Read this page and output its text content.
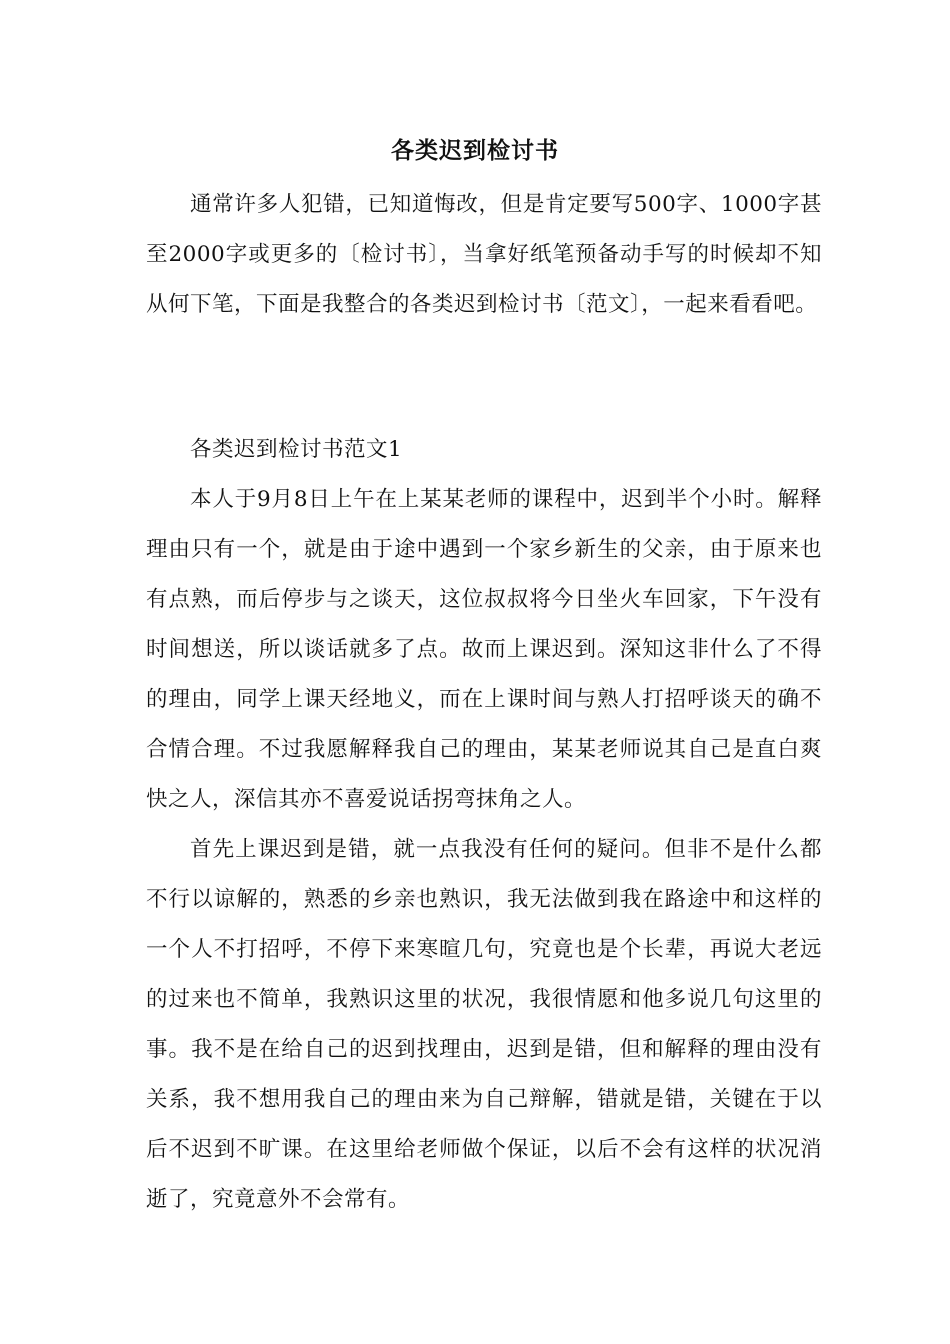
各类迟到检讨书

通常许多人犯错，已知道悔改，但是肯定要写500字、1000字甚至2000字或更多的〔检讨书〕，当拿好纸笔预备动手写的时候却不知从何下笔，下面是我整合的各类迟到检讨书〔范文〕，一起来看看吧。

各类迟到检讨书范文1

本人于9月8日上午在上某某老师的课程中，迟到半个小时。解释理由只有一个，就是由于途中遇到一个家乡新生的父亲，由于原来也有点熟，而后停步与之谈天，这位叔叔将今日坐火车回家，下午没有时间想送，所以谈话就多了点。故而上课迟到。深知这非什么了不得的理由，同学上课天经地义，而在上课时间与熟人打招呼谈天的确不合情合理。不过我愿解释我自己的理由，某某老师说其自己是直白爽快之人，深信其亦不喜爱说话拐弯抹角之人。

首先上课迟到是错，就一点我没有任何的疑问。但非不是什么都不行以谅解的，熟悉的乡亲也熟识，我无法做到我在路途中和这样的一个人不打招呼，不停下来寒暄几句，究竟也是个长辈，再说大老远的过来也不简单，我熟识这里的状况，我很情愿和他多说几句这里的事。我不是在给自己的迟到找理由，迟到是错，但和解释的理由没有关系，我不想用我自己的理由来为自己辩解，错就是错，关键在于以后不迟到不旷课。在这里给老师做个保证，以后不会有这样的状况消逝了，究竟意外不会常有。
